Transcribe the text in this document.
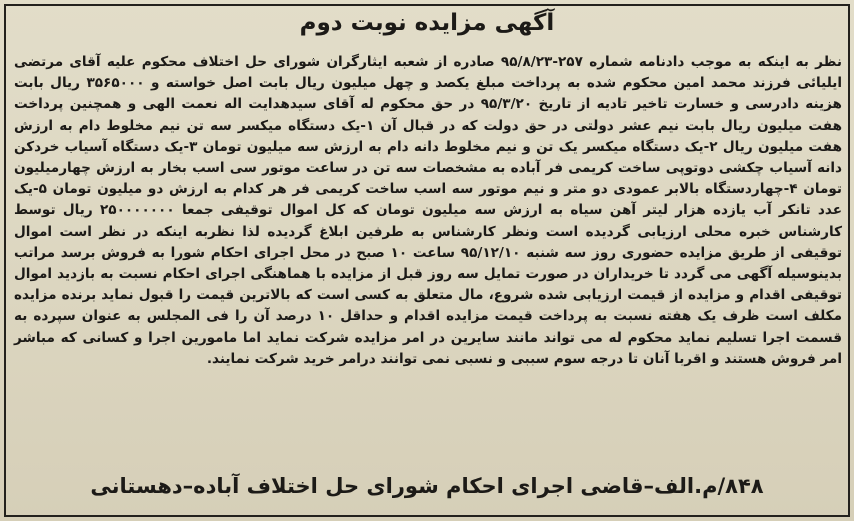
آگهی مزایده نوبت دوم

نظر به اینکه به موجب دادنامه شماره ۲۵۷-۹۵/۸/۲۳ صادره از شعبه ایثارگران شورای حل اختلاف محکوم علیه آقای مرتضی ایلیائی فرزند محمد امین محکوم شده به پرداخت مبلغ یکصد و چهل میلیون ریال بابت اصل خواسته و ۳۵۶۵۰۰۰ ریال بابت هزینه دادرسی و خسارت تاخیر تادیه از تاریخ ۹۵/۳/۲۰ در حق محکوم له آقای سیدهدایت اله نعمت الهی و همچنین پرداخت هفت میلیون ریال بابت نیم عشر دولتی در حق دولت که در قبال آن ۱-یک دستگاه میکسر سه تن نیم مخلوط دام به ارزش هفت میلیون ریال ۲-یک دستگاه میکسر یک تن و نیم مخلوط دانه دام به ارزش سه میلیون تومان ۳-یک دستگاه آسیاب خردکن دانه آسیاب چکشی دوتوپی ساخت کریمی فر آباده به مشخصات سه تن در ساعت موتور سی اسب بخار به ارزش چهارمیلیون تومان ۴-چهاردستگاه بالابر عمودی دو متر و نیم موتور سه اسب ساخت کریمی فر هر کدام به ارزش دو میلیون تومان ۵-یک عدد تانکر آب یازده هزار لیتر آهن سیاه به ارزش سه میلیون تومان که کل اموال توقیفی جمعا ۲۵۰۰۰۰۰۰۰ ریال توسط کارشناس خبره محلی ارزیابی گردیده است ونظر کارشناس به طرفین ابلاغ گردیده لذا نظربه اینکه در نظر است اموال توقیفی از طریق مزایده حضوری روز سه شنبه ۹۵/۱۲/۱۰ ساعت ۱۰ صبح در محل اجرای احکام شورا به فروش برسد مراتب بدینوسیله آگهی می گردد تا خریداران در صورت تمایل سه روز قبل از مزایده با هماهنگی اجرای احکام نسبت به بازدید اموال توقیفی اقدام و مزایده از قیمت ارزیابی شده شروع، مال متعلق به کسی است که بالاترین قیمت را قبول نماید برنده مزایده مکلف است ظرف یک هفته نسبت به پرداخت قیمت مزایده اقدام و حداقل ۱۰ درصد آن را فی المجلس به عنوان سپرده به قسمت اجرا تسلیم نماید محکوم له می تواند مانند سایرین در امر مزایده شرکت نماید اما مامورین اجرا و کسانی که مباشر امر فروش هستند و اقربا آنان تا درجه سوم سببی و نسبی نمی توانند درامر خرید شرکت نمایند.

۸۴۸/م.الف–قاضی اجرای احکام شورای حل اختلاف آباده–دهستانی
